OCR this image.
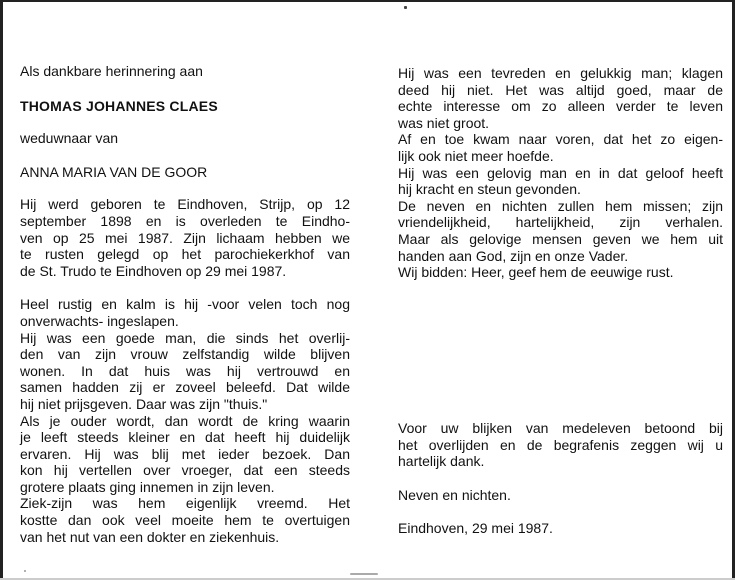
Als dankbare herinnering aan
THOMAS JOHANNES CLAES
weduwnaar van
ANNA MARIA VAN DE GOOR
Hij werd geboren te Eindhoven, Strijp, op 12
september 1898 en is overleden te Eindho-
ven op 25 mei 1987. Zijn lichaam hebben we
te rusten gelegd op het parochiekerkhof van
de St. Trudo te Eindhoven op 29 mei 1987.
Heel rustig en kalm is hij -voor velen toch nog
onverwachts- ingeslapen.
Hij was een goede man, die sinds het overlij-
den van zijn vrouw zelfstandig wilde blijven
wonen. In dat huis was hij vertrouwd en
samen hadden zij er zoveel beleefd. Dat wilde
hij niet prijsgeven. Daar was zijn "thuis."
Als je ouder wordt, dan wordt de kring waarin
je leeft steeds kleiner en dat heeft hij duidelijk
ervaren. Hij was blij met ieder bezoek. Dan
kon hij vertellen over vroeger, dat een steeds
grotere plaats ging innemen in zijn leven.
Ziek-zijn was hem eigenlijk vreemd. Het
kostte dan ook veel moeite hem te overtuigen
van het nut van een dokter en ziekenhuis.
Hij was een tevreden en gelukkig man; klagen
deed hij niet. Het was altijd goed, maar de
echte interesse om zo alleen verder te leven
was niet groot.
Af en toe kwam naar voren, dat het zo eigen-
lijk ook niet meer hoefde.
Hij was een gelovig man en in dat geloof heeft
hij kracht en steun gevonden.
De neven en nichten zullen hem missen; zijn
vriendelijkheid, hartelijkheid, zijn verhalen.
Maar als gelovige mensen geven we hem uit
handen aan God, zijn en onze Vader.
Wij bidden: Heer, geef hem de eeuwige rust.
Voor uw blijken van medeleven betoond bij
het overlijden en de begrafenis zeggen wij u
hartelijk dank.
Neven en nichten.
Eindhoven, 29 mei 1987.
